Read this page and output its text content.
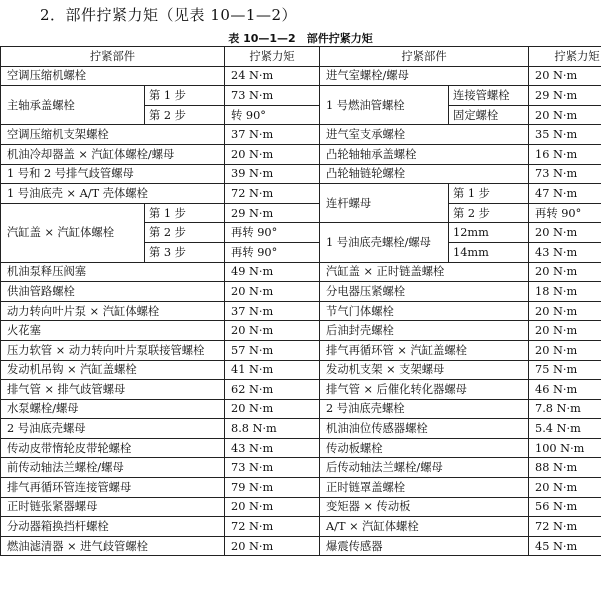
2．部件拧紧力矩（见表 10—1—2）
表 10—1—2　部件拧紧力矩
拧紧部件		拧紧力矩	拧紧部件		拧紧力矩
空调压缩机螺栓		24 N·m	进气室螺栓/螺母		20 N·m
主轴承盖螺栓	第 1 步	73 N·m	1 号燃油管螺栓	连接管螺栓	29 N·m
	第 2 步	转 90°		固定螺栓	20 N·m
空调压缩机支架螺栓		37 N·m	进气室支承螺栓		35 N·m
机油冷却器盖 × 汽缸体螺栓/螺母		20 N·m	凸轮轴轴承盖螺栓		16 N·m
1 号和 2 号排气歧管螺母		39 N·m	凸轮轴链轮螺栓		73 N·m
1 号油底壳 × A/T 壳体螺栓		72 N·m	连杆螺母	第 1 步	47 N·m
汽缸盖 × 汽缸体螺栓	第 1 步	29 N·m		第 2 步	再转 90°
	第 2 步	再转 90°	1 号油底壳螺栓/螺母	12mm	20 N·m
	第 3 步	再转 90°		14mm	43 N·m
机油泵释压阀塞		49 N·m	汽缸盖 × 正时链盖螺栓		20 N·m
供油管路螺栓		20 N·m	分电器压紧螺栓		18 N·m
动力转向叶片泵 × 汽缸体螺栓		37 N·m	节气门体螺栓		20 N·m
火花塞		20 N·m	后油封壳螺栓		20 N·m
压力软管 × 动力转向叶片泵联接管螺栓		57 N·m	排气再循环管 × 汽缸盖螺栓		20 N·m
发动机吊钩 × 汽缸盖螺栓		41 N·m	发动机支架 × 支架螺母		75 N·m
排气管 × 排气歧管螺母		62 N·m	排气管 × 后催化转化器螺母		46 N·m
水泵螺栓/螺母		20 N·m	2 号油底壳螺栓		7.8 N·m
2 号油底壳螺母		8.8 N·m	机油油位传感器螺栓		5.4 N·m
传动皮带惰轮皮带轮螺栓		43 N·m	传动板螺栓		100 N·m
前传动轴法兰螺栓/螺母		73 N·m	后传动轴法兰螺栓/螺母		88 N·m
排气再循环管连接管螺母		79 N·m	正时链罩盖螺栓		20 N·m
正时链张紧器螺母		20 N·m	变矩器 × 传动板		56 N·m
分动器箱换挡杆螺栓		72 N·m	A/T × 汽缸体螺栓		72 N·m
燃油滤清器 × 进气歧管螺栓		20 N·m	爆震传感器		45 N·m
